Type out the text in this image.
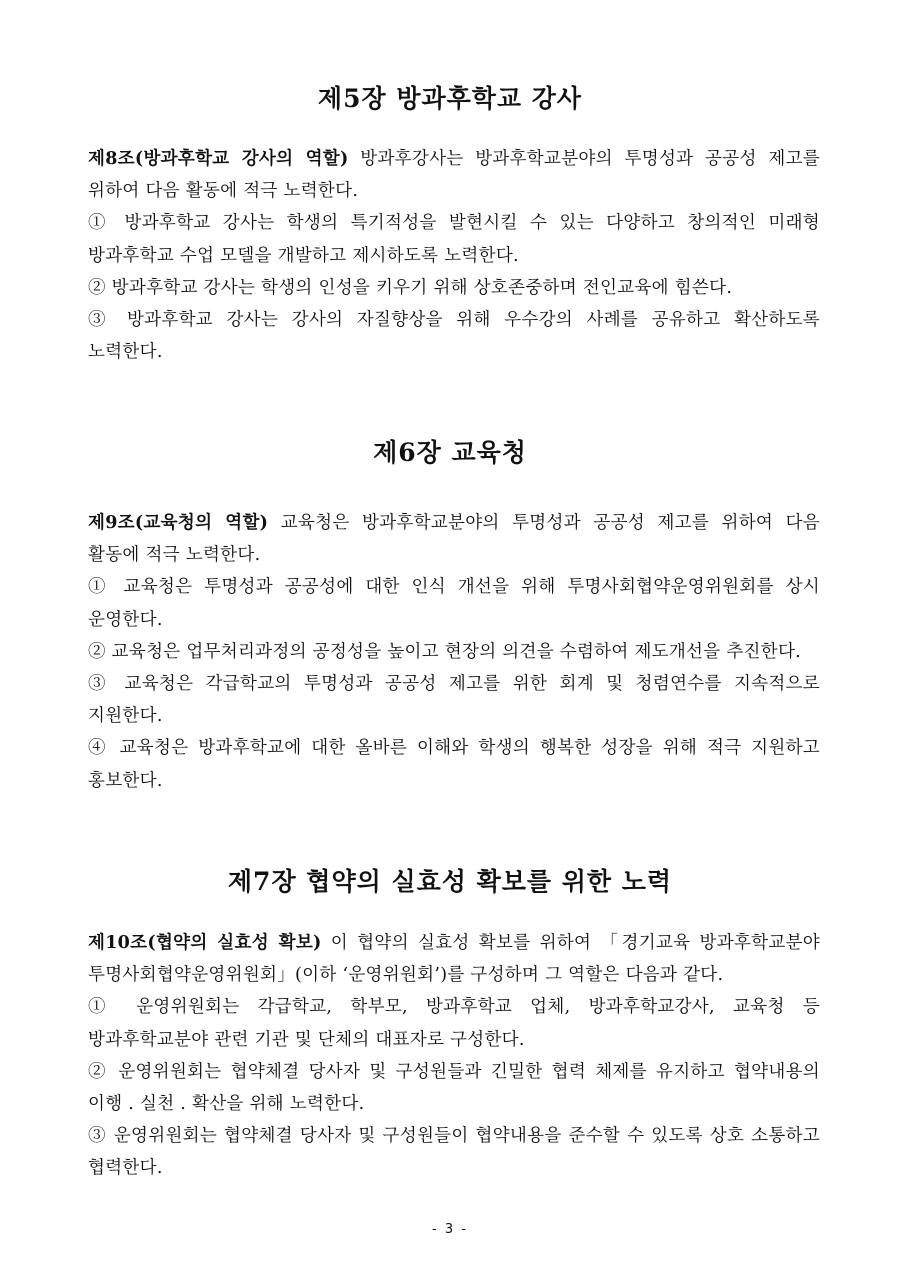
제5장 방과후학교 강사

제8조(방과후학교 강사의 역할) 방과후강사는 방과후학교분야의 투명성과 공공성 제고를 위하여 다음 활동에 적극 노력한다.

① 방과후학교 강사는 학생의 특기적성을 발현시킬 수 있는 다양하고 창의적인 미래형 방과후학교 수업 모델을 개발하고 제시하도록 노력한다.

② 방과후학교 강사는 학생의 인성을 키우기 위해 상호존중하며 전인교육에 힘쓴다.

③ 방과후학교 강사는 강사의 자질향상을 위해 우수강의 사례를 공유하고 확산하도록 노력한다.

제6장 교육청

제9조(교육청의 역할) 교육청은 방과후학교분야의 투명성과 공공성 제고를 위하여 다음 활동에 적극 노력한다.

① 교육청은 투명성과 공공성에 대한 인식 개선을 위해 투명사회협약운영위원회를 상시 운영한다.

② 교육청은 업무처리과정의 공정성을 높이고 현장의 의견을 수렴하여 제도개선을 추진한다.

③ 교육청은 각급학교의 투명성과 공공성 제고를 위한 회계 및 청렴연수를 지속적으로 지원한다.

④ 교육청은 방과후학교에 대한 올바른 이해와 학생의 행복한 성장을 위해 적극 지원하고 홍보한다.

제7장 협약의 실효성 확보를 위한 노력

제10조(협약의 실효성 확보) 이 협약의 실효성 확보를 위하여 「경기교육 방과후학교분야 투명사회협약운영위원회」(이하 ‘운영위원회’)를 구성하며 그 역할은 다음과 같다.

① 운영위원회는 각급학교, 학부모, 방과후학교 업체, 방과후학교강사, 교육청 등 방과후학교분야 관련 기관 및 단체의 대표자로 구성한다.

② 운영위원회는 협약체결 당사자 및 구성원들과 긴밀한 협력 체제를 유지하고 협약내용의 이행 . 실천 . 확산을 위해 노력한다.

③ 운영위원회는 협약체결 당사자 및 구성원들이 협약내용을 준수할 수 있도록 상호 소통하고 협력한다.

- 3 -
